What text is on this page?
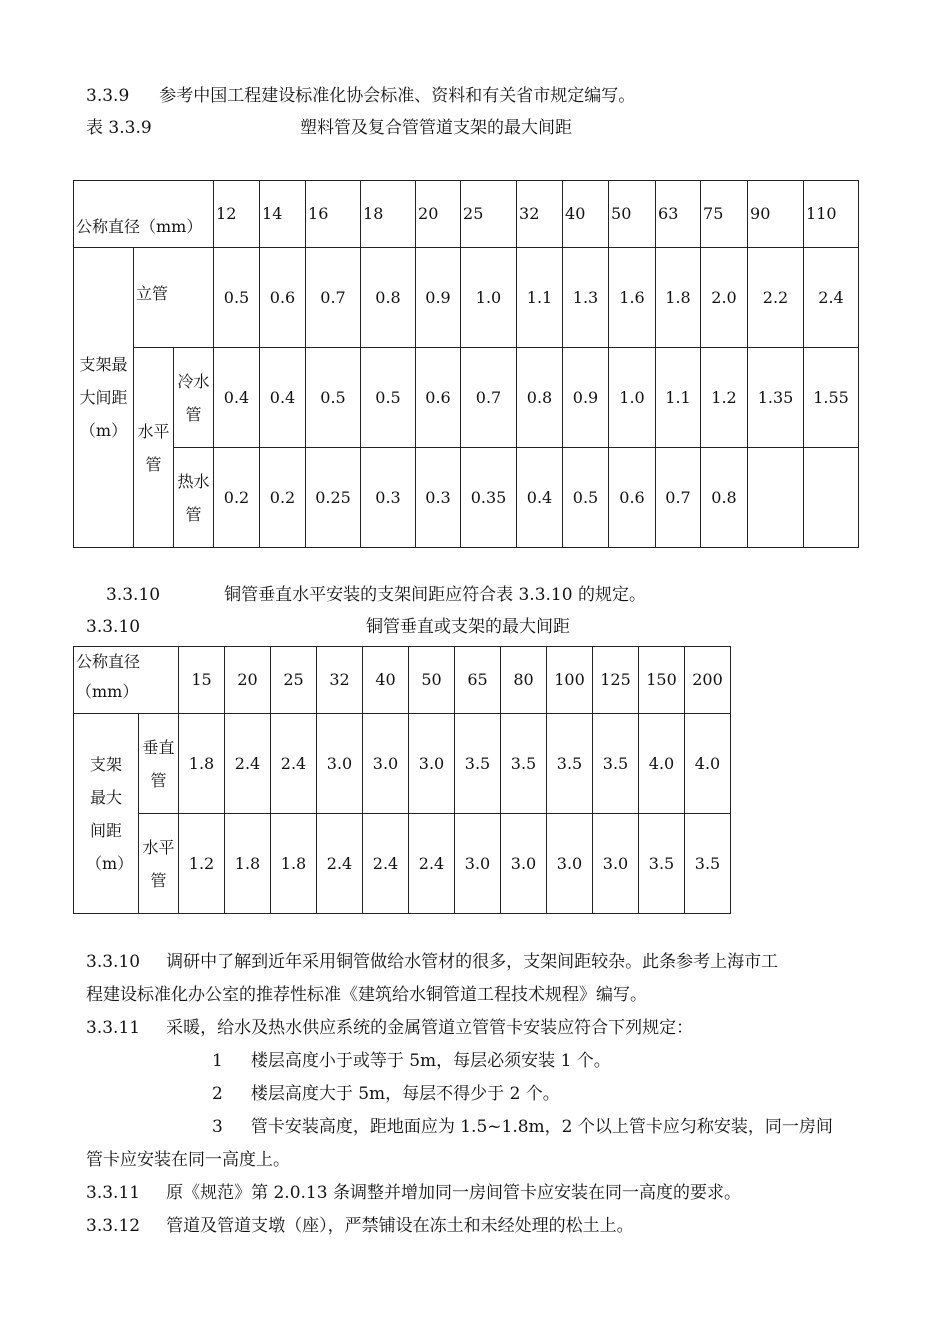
3.3.9 参考中国工程建设标准化协会标准、资料和有关省市规定编写。
表 3.3.9	塑料管及复合管管道支架的最大间距
公称直径（mm）			12	14	16	18	20	25	32	40	50	63	75	90	110
支架最大间距（m）	立管		0.5	0.6	0.7	0.8	0.9	1.0	1.1	1.3	1.6	1.8	2.0	2.2	2.4
	水平管	冷水管	0.4	0.4	0.5	0.5	0.6	0.7	0.8	0.9	1.0	1.1	1.2	1.35	1.55
		热水管	0.2	0.2	0.25	0.3	0.3	0.35	0.4	0.5	0.6	0.7	0.8		
3.3.10	铜管垂直水平安装的支架间距应符合表 3.3.10 的规定。
3.3.10	铜管垂直或支架的最大间距
公称直径（mm）		15	20	25	32	40	50	65	80	100	125	150	200
支架最大间距（m）	垂直管	1.8	2.4	2.4	3.0	3.0	3.0	3.5	3.5	3.5	3.5	4.0	4.0
	水平管	1.2	1.8	1.8	2.4	2.4	2.4	3.0	3.0	3.0	3.0	3.5	3.5
3.3.10 调研中了解到近年采用铜管做给水管材的很多，支架间距较杂。此条参考上海市工
程建设标准化办公室的推荐性标准《建筑给水铜管道工程技术规程》编写。
3.3.11 采暖，给水及热水供应系统的金属管道立管管卡安装应符合下列规定：
1 楼层高度小于或等于 5m，每层必须安装 1 个。
2 楼层高度大于 5m，每层不得少于 2 个。
3 管卡安装高度，距地面应为 1.5~1.8m，2 个以上管卡应匀称安装，同一房间
管卡应安装在同一高度上。
3.3.11 原《规范》第 2.0.13 条调整并增加同一房间管卡应安装在同一高度的要求。
3.3.12 管道及管道支墩（座），严禁铺设在冻土和未经处理的松土上。
